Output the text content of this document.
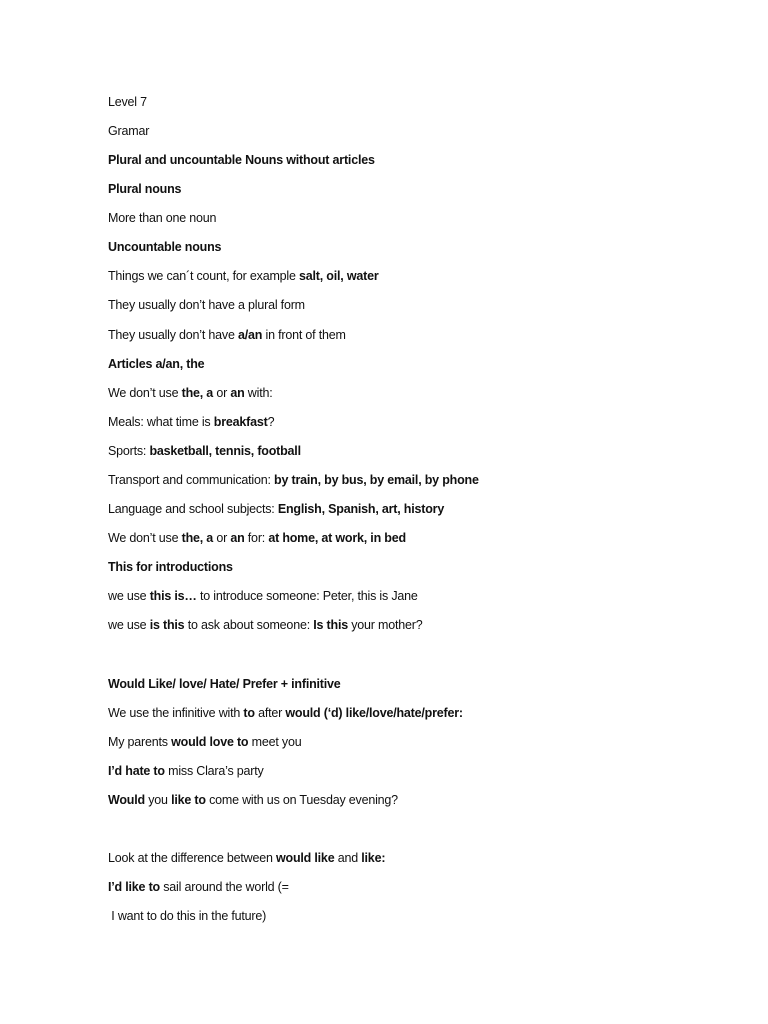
Level 7
Gramar
Plural and uncountable Nouns without articles
Plural nouns
More than one noun
Uncountable nouns
Things we can´t count, for example salt, oil, water
They usually don’t have a plural form
They usually don’t have a/an in front of them
Articles a/an, the
We don’t use the, a or an with:
Meals: what time is breakfast?
Sports: basketball, tennis, football
Transport and communication: by train, by bus, by email, by phone
Language and school subjects: English, Spanish, art, history
We don’t use the, a or an for: at home, at work, in bed
This for introductions
we use this is… to introduce someone: Peter, this is Jane
we use is this to ask about someone: Is this your mother?
Would Like/ love/ Hate/ Prefer + infinitive
We use the infinitive with to after would (‘d) like/love/hate/prefer:
My parents would love to meet you
I’d hate to miss Clara’s party
Would you like to come with us on Tuesday evening?
Look at the difference between would like and like:
I’d like to sail around the world (=
I want to do this in the future)
